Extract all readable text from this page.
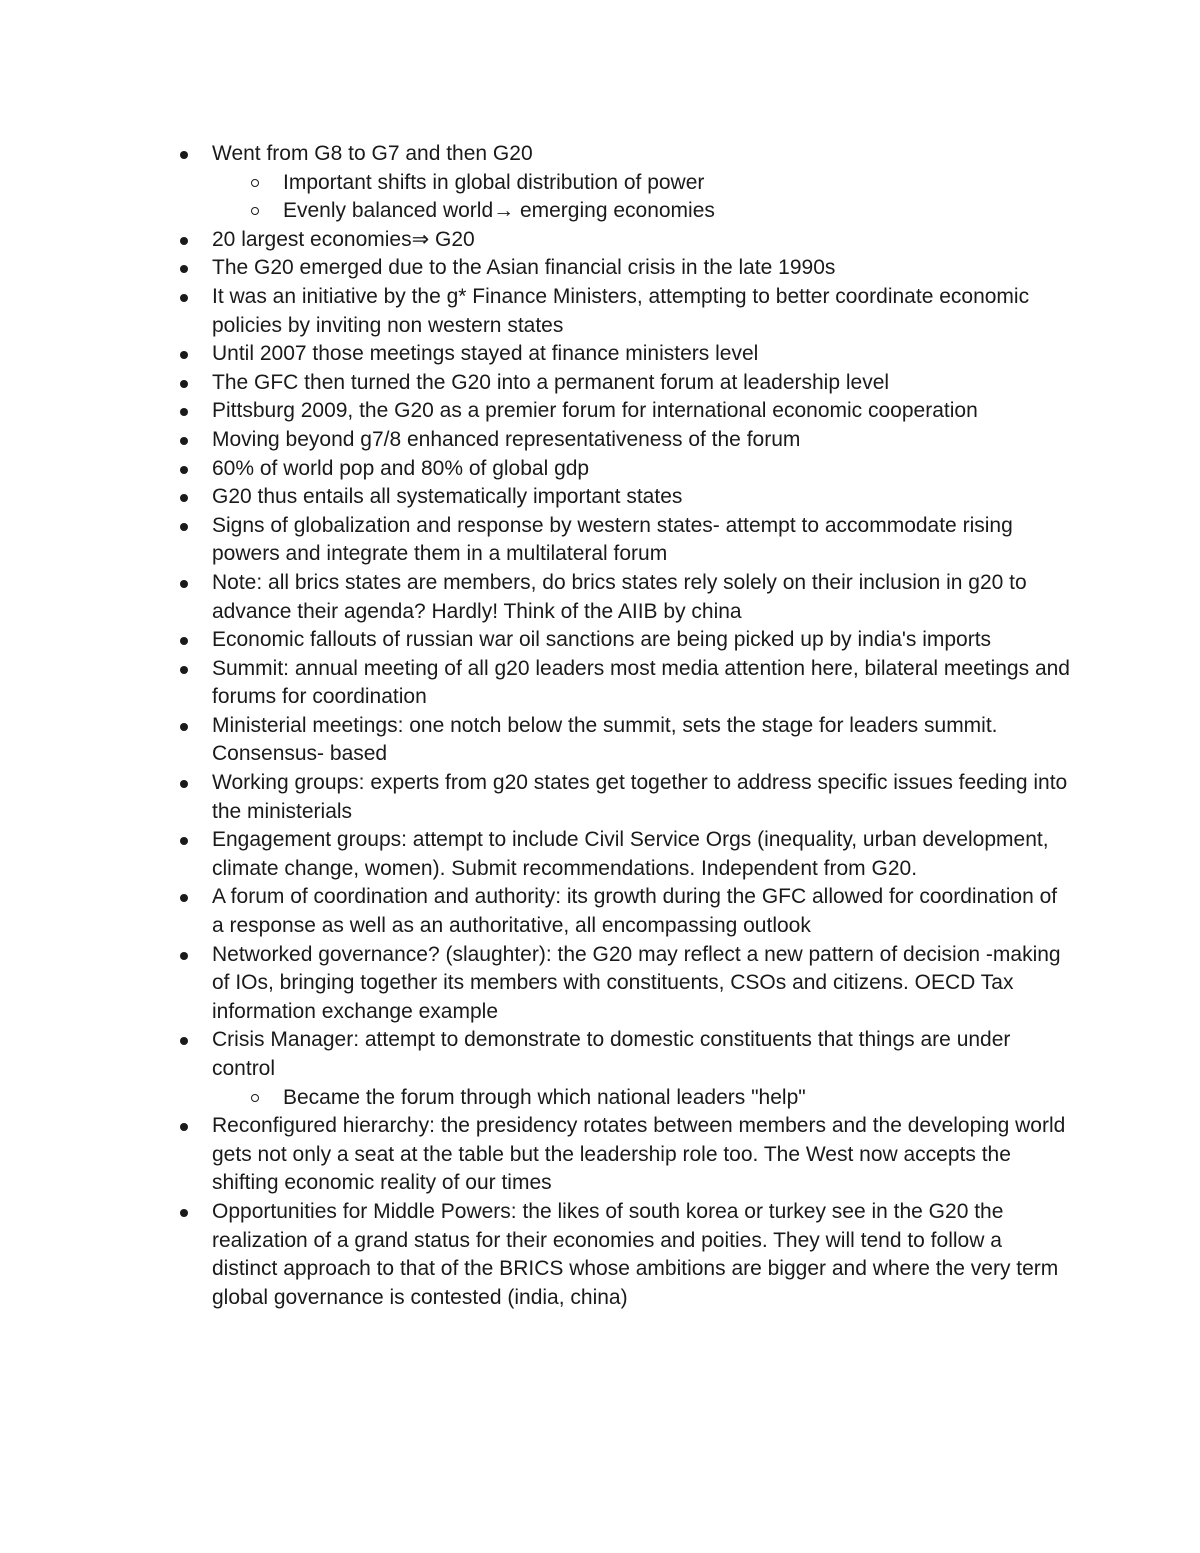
Went from G8 to G7 and then G20
Important shifts in global distribution of power
Evenly balanced world→ emerging economies
20 largest economies⇒ G20
The G20 emerged due to the Asian financial crisis in the late 1990s
It was an initiative by the g* Finance Ministers, attempting to better coordinate economic policies by inviting non western states
Until 2007 those meetings stayed at finance ministers level
The GFC then turned the G20 into a permanent forum at leadership level
Pittsburg 2009, the G20 as a premier forum for international economic cooperation
Moving beyond g7/8 enhanced representativeness of the forum
60% of world pop and 80% of global gdp
G20 thus entails all systematically important states
Signs of globalization and response by western states- attempt to accommodate rising powers and integrate them in a multilateral forum
Note: all brics states are members, do brics states rely solely on their inclusion in g20 to advance their agenda? Hardly! Think of the AIIB by china
Economic fallouts of russian war oil sanctions are being picked up by india's imports
Summit: annual meeting of all g20 leaders most media attention here, bilateral meetings and forums for coordination
Ministerial meetings: one notch below the summit, sets the stage for leaders summit. Consensus- based
Working groups: experts from g20 states get together to address specific issues feeding into the ministerials
Engagement groups: attempt to include Civil Service Orgs (inequality, urban development, climate change, women). Submit recommendations. Independent from G20.
A forum of coordination and authority: its growth during the GFC allowed for coordination of a response as well as an authoritative, all encompassing outlook
Networked governance? (slaughter): the G20 may reflect a new pattern of decision -making of IOs, bringing together its members with constituents, CSOs and citizens. OECD Tax information exchange example
Crisis Manager: attempt to demonstrate to domestic constituents that things are under control
Became the forum through which national leaders "help"
Reconfigured hierarchy: the presidency rotates between members and the developing world gets not only a seat at the table but the leadership role too. The West now accepts the shifting economic reality of our times
Opportunities for Middle Powers: the likes of south korea or turkey see in the G20 the realization of a grand status for their economies and poities. They will tend to follow a distinct approach to that of the BRICS whose ambitions are bigger and where the very term global governance is contested (india, china)
